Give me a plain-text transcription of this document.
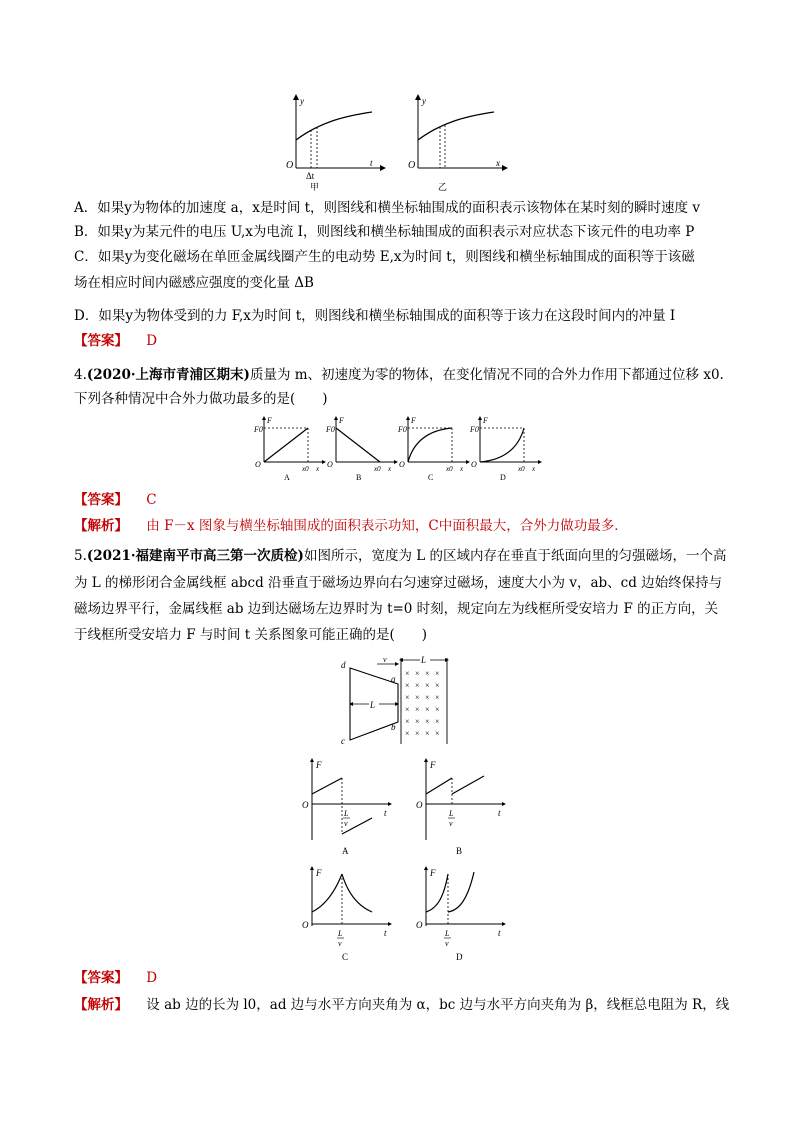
y
O	t
Δt
甲
y
O	x
乙
A．如果y为物体的加速度 a，x是时间 t，则图线和横坐标轴围成的面积表示该物体在某时刻的瞬时速度 v
B．如果y为某元件的电压 U,x为电流 I，则图线和横坐标轴围成的面积表示对应状态下该元件的电功率 P
C．如果y为变化磁场在单匝金属线圈产生的电动势 E,x为时间 t，则图线和横坐标轴围成的面积等于该磁
场在相应时间内磁感应强度的变化量 ΔB
D．如果y为物体受到的力 F,x为时间 t，则图线和横坐标轴围成的面积等于该力在这段时间内的冲量 I
【答案】 D
4.(2020·上海市青浦区期末)质量为 m、初速度为零的物体，在变化情况不同的合外力作用下都通过位移 x0.
下列各种情况中合外力做功最多的是(　　)
F
F0
O	x0 x
A
F
F0
O	x0 x
B
F
F0
O	x0 x
C
F
F0
O	x0 x
D
【答案】 C
【解析】 由 F－x 图象与横坐标轴围成的面积表示功知，C中面积最大，合外力做功最多．
5.(2021·福建南平市高三第一次质检)如图所示，宽度为 L 的区域内存在垂直于纸面向里的匀强磁场，一个高
为 L 的梯形闭合金属线框 abcd 沿垂直于磁场边界向右匀速穿过磁场，速度大小为 v，ab、cd 边始终保持与
磁场边界平行，金属线框 ab 边到达磁场左边界时为 t=0 时刻，规定向左为线框所受安培力 F 的正方向，关
于线框所受安培力 F 与时间 t 关系图象可能正确的是(　　)
L
v
d
a
b
c
L
× × × ×
× × × ×
× × × ×
× × × ×
× × × ×
× × × ×
F
O
t
L
v
A
F
O
t
L
v
B
F
O
t
L
v
C
F
O
t
L
v
D
【答案】 D
【解析】 设 ab 边的长为 l0，ad 边与水平方向夹角为 α，bc 边与水平方向夹角为 β，线框总电阻为 R，线
